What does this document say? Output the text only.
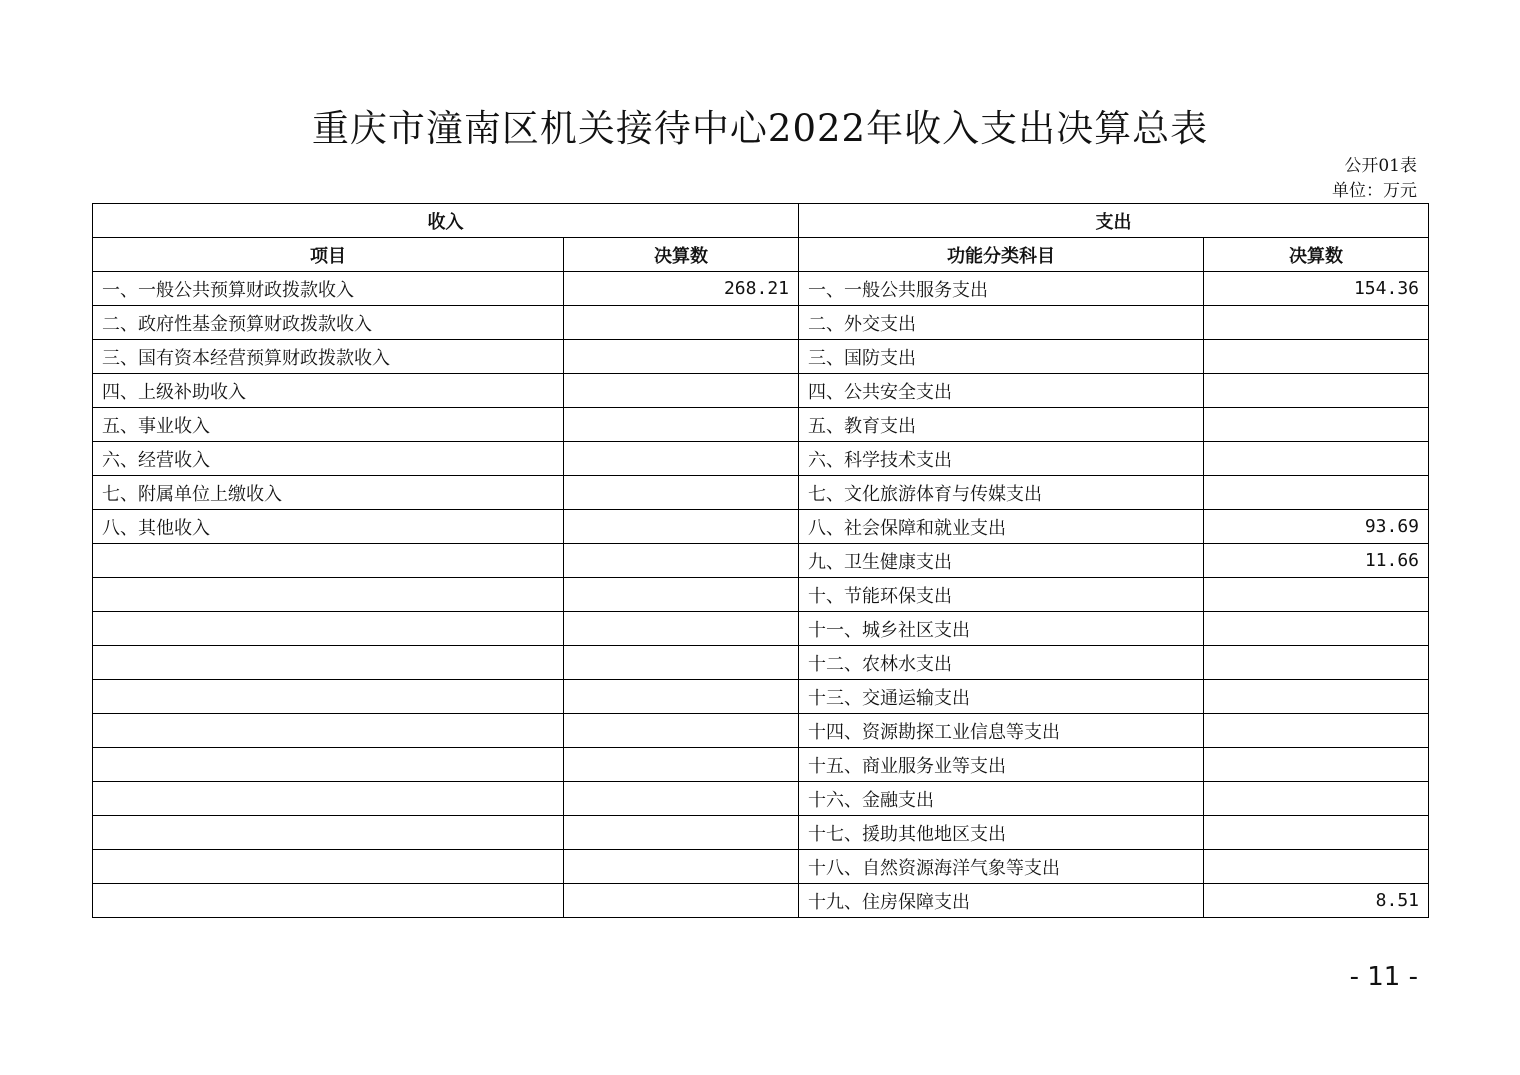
重庆市潼南区机关接待中心2022年收入支出决算总表
公开01表
单位：万元
收入		支出	
项目	决算数	功能分类科目	决算数
一、一般公共预算财政拨款收入	268.21	一、一般公共服务支出	154.36
二、政府性基金预算财政拨款收入		二、外交支出	
三、国有资本经营预算财政拨款收入		三、国防支出	
四、上级补助收入		四、公共安全支出	
五、事业收入		五、教育支出	
六、经营收入		六、科学技术支出	
七、附属单位上缴收入		七、文化旅游体育与传媒支出	
八、其他收入		八、社会保障和就业支出	93.69
		九、卫生健康支出	11.66
		十、节能环保支出	
		十一、城乡社区支出	
		十二、农林水支出	
		十三、交通运输支出	
		十四、资源勘探工业信息等支出	
		十五、商业服务业等支出	
		十六、金融支出	
		十七、援助其他地区支出	
		十八、自然资源海洋气象等支出	
		十九、住房保障支出	8.51
- 11 -
